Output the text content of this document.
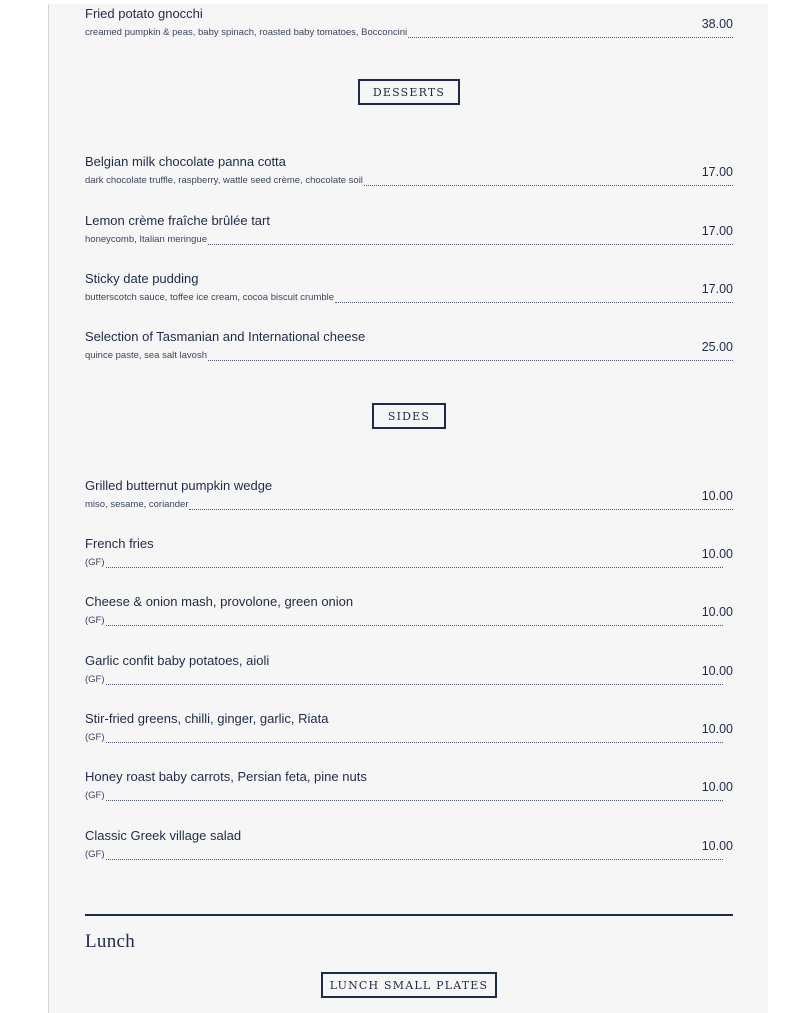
Fried potato gnocchi
creamed pumpkin & peas, baby spinach, roasted baby tomatoes, Bocconcini
38.00
DESSERTS
Belgian milk chocolate panna cotta
dark chocolate truffle, raspberry, wattle seed crème, chocolate soil
17.00
Lemon crème fraîche brûlée tart
honeycomb, Italian meringue
17.00
Sticky date pudding
butterscotch sauce, toffee ice cream, cocoa biscuit crumble
17.00
Selection of Tasmanian and International cheese
quince paste, sea salt lavosh
25.00
SIDES
Grilled butternut pumpkin wedge
miso, sesame, coriander
10.00
French fries
(GF)
10.00
Cheese & onion mash, provolone, green onion
(GF)
10.00
Garlic confit baby potatoes, aioli
(GF)
10.00
Stir-fried greens, chilli, ginger, garlic, Riata
(GF)
10.00
Honey roast baby carrots, Persian feta, pine nuts
(GF)
10.00
Classic Greek village salad
(GF)
10.00
Lunch
LUNCH SMALL PLATES
